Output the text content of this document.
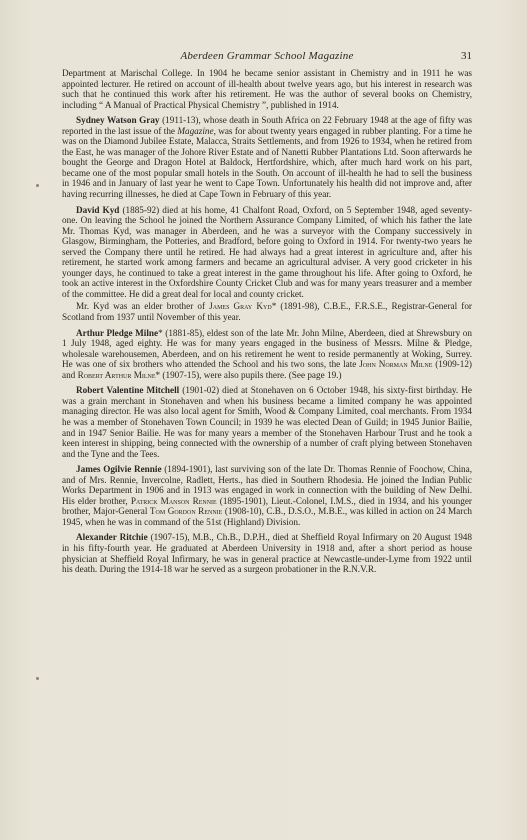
Aberdeen Grammar School Magazine	31

Department at Marischal College. In 1904 he became senior assistant in Chemistry and in 1911 he was appointed lecturer. He retired on account of ill-health about twelve years ago, but his interest in research was such that he continued this work after his retirement. He was the author of several books on Chemistry, including “ A Manual of Practical Physical Chemistry ”, published in 1914.

Sydney Watson Gray (1911-13), whose death in South Africa on 22 February 1948 at the age of fifty was reported in the last issue of the Magazine, was for about twenty years engaged in rubber planting. For a time he was on the Diamond Jubilee Estate, Malacca, Straits Settlements, and from 1926 to 1934, when he retired from the East, he was manager of the Johore River Estate and of Nanetti Rubber Plantations Ltd. Soon afterwards he bought the George and Dragon Hotel at Baldock, Hertfordshire, which, after much hard work on his part, became one of the most popular small hotels in the South. On account of ill-health he had to sell the business in 1946 and in January of last year he went to Cape Town. Unfortunately his health did not improve and, after having recurring illnesses, he died at Cape Town in February of this year.

David Kyd (1885-92) died at his home, 41 Chalfont Road, Oxford, on 5 September 1948, aged seventy-one. On leaving the School he joined the Northern Assurance Company Limited, of which his father the late Mr. Thomas Kyd, was manager in Aberdeen, and he was a surveyor with the Company successively in Glasgow, Birmingham, the Potteries, and Bradford, before going to Oxford in 1914. For twenty-two years he served the Company there until he retired. He had always had a great interest in agriculture and, after his retirement, he started work among farmers and became an agricultural adviser. A very good cricketer in his younger days, he continued to take a great interest in the game throughout his life. After going to Oxford, he took an active interest in the Oxfordshire County Cricket Club and was for many years treasurer and a member of the committee. He did a great deal for local and county cricket.

Mr. Kyd was an elder brother of James Gray Kyd* (1891-98), C.B.E., F.R.S.E., Registrar-General for Scotland from 1937 until November of this year.

Arthur Pledge Milne* (1881-85), eldest son of the late Mr. John Milne, Aberdeen, died at Shrewsbury on 1 July 1948, aged eighty. He was for many years engaged in the business of Messrs. Milne & Pledge, wholesale warehousemen, Aberdeen, and on his retirement he went to reside permanently at Woking, Surrey. He was one of six brothers who attended the School and his two sons, the late John Norman Milne (1909-12) and Robert Arthur Milne* (1907-15), were also pupils there. (See page 19.)

Robert Valentine Mitchell (1901-02) died at Stonehaven on 6 October 1948, his sixty-first birthday. He was a grain merchant in Stonehaven and when his business became a limited company he was appointed managing director. He was also local agent for Smith, Wood & Company Limited, coal merchants. From 1934 he was a member of Stonehaven Town Council; in 1939 he was elected Dean of Guild; in 1945 Junior Bailie, and in 1947 Senior Bailie. He was for many years a member of the Stonehaven Harbour Trust and he took a keen interest in shipping, being connected with the ownership of a number of craft plying between Stonehaven and the Tyne and the Tees.

James Ogilvie Rennie (1894-1901), last surviving son of the late Dr. Thomas Rennie of Foochow, China, and of Mrs. Rennie, Invercolne, Radlett, Herts., has died in Southern Rhodesia. He joined the Indian Public Works Department in 1906 and in 1913 was engaged in work in connection with the building of New Delhi. His elder brother, Patrick Manson Rennie (1895-1901), Lieut.-Colonel, I.M.S., died in 1934, and his younger brother, Major-General Tom Gordon Rennie (1908-10), C.B., D.S.O., M.B.E., was killed in action on 24 March 1945, when he was in command of the 51st (Highland) Division.

Alexander Ritchie (1907-15), M.B., Ch.B., D.P.H., died at Sheffield Royal Infirmary on 20 August 1948 in his fifty-fourth year. He graduated at Aberdeen University in 1918 and, after a short period as house physician at Sheffield Royal Infirmary, he was in general practice at Newcastle-under-Lyme from 1922 until his death. During the 1914-18 war he served as a surgeon probationer in the R.N.V.R.
